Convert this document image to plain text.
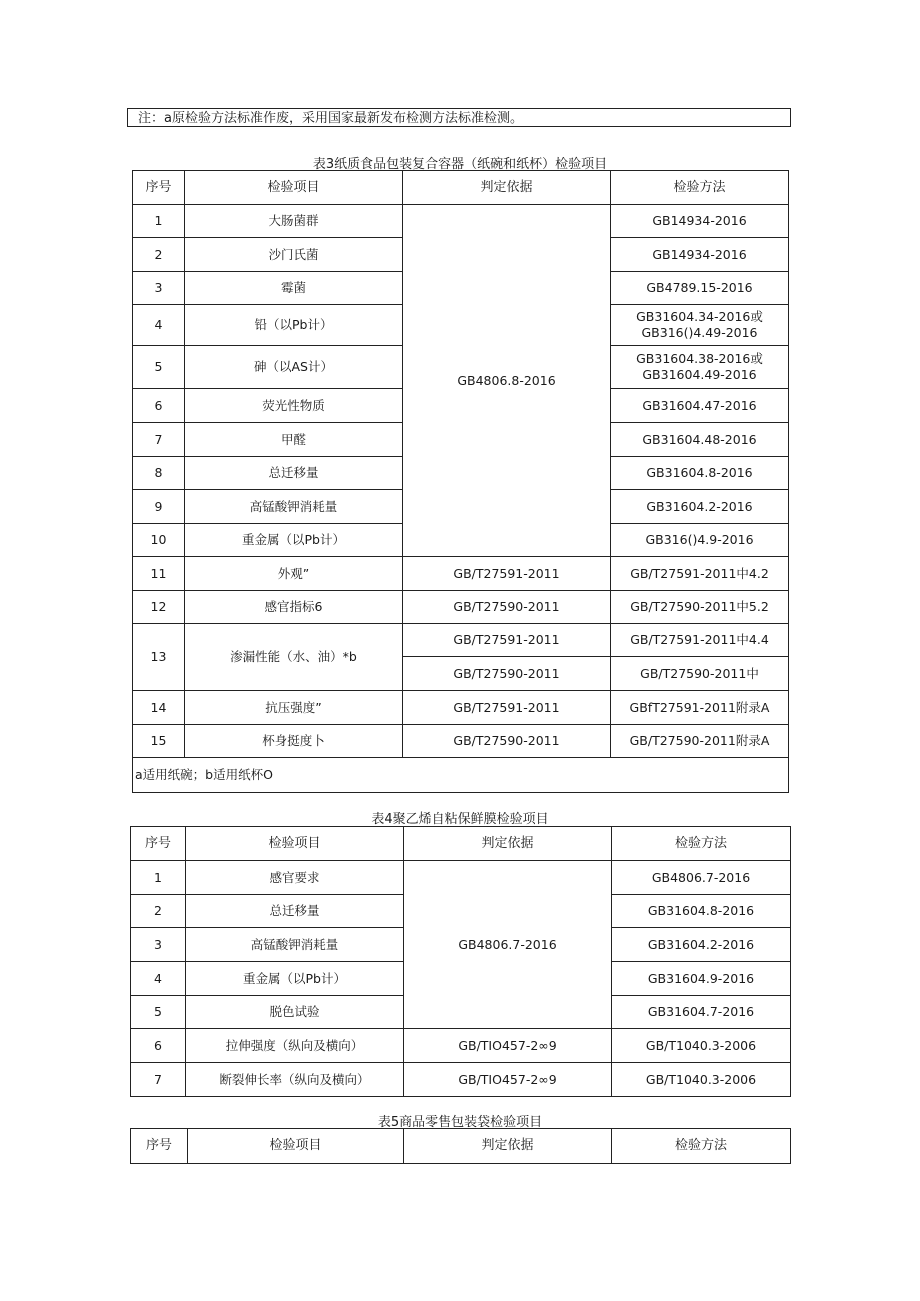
注：a原检验方法标准作废，采用国家最新发布检测方法标准检测。
表3纸质食品包装复合容器（纸碗和纸杯）检验项目
序号	检验项目	判定依据	检验方法
1	大肠菌群	GB4806.8-2016	GB14934-2016
2	沙门氏菌		GB14934-2016
3	霉菌		GB4789.15-2016
4	铅（以Pb计）		GB31604.34-2016或GB316()4.49-2016
5	砷（以AS计）		GB31604.38-2016或GB31604.49-2016
6	荧光性物质		GB31604.47-2016
7	甲醛		GB31604.48-2016
8	总迁移量		GB31604.8-2016
9	高锰酸钾消耗量		GB31604.2-2016
10	重金属（以Pb计）		GB316()4.9-2016
11	外观”	GB/T27591-2011	GB/T27591-2011中4.2
12	感官指标6	GB/T27590-2011	GB/T27590-2011中5.2
13	渗漏性能（水、油）*b	GB/T27591-2011	GB/T27591-2011中4.4
		GB/T27590-2011	GB/T27590-2011中
14	抗压强度”	GB/T27591-2011	GBfT27591-2011附录A
15	杯身挺度卜	GB/T27590-2011	GB/T27590-2011附录A
a适用纸碗；b适用纸杯O			
表4聚乙烯自粘保鲜膜检验项目
序号	检验项目	判定依据	检验方法
1	感官要求	GB4806.7-2016	GB4806.7-2016
2	总迁移量		GB31604.8-2016
3	高锰酸钾消耗量		GB31604.2-2016
4	重金属（以Pb计）		GB31604.9-2016
5	脱色试验		GB31604.7-2016
6	拉伸强度（纵向及横向）	GB/TIO457-2∞9	GB/T1040.3-2006
7	断裂伸长率（纵向及横向）	GB/TIO457-2∞9	GB/T1040.3-2006
表5商品零售包装袋检验项目
序号	检验项目	判定依据	检验方法
